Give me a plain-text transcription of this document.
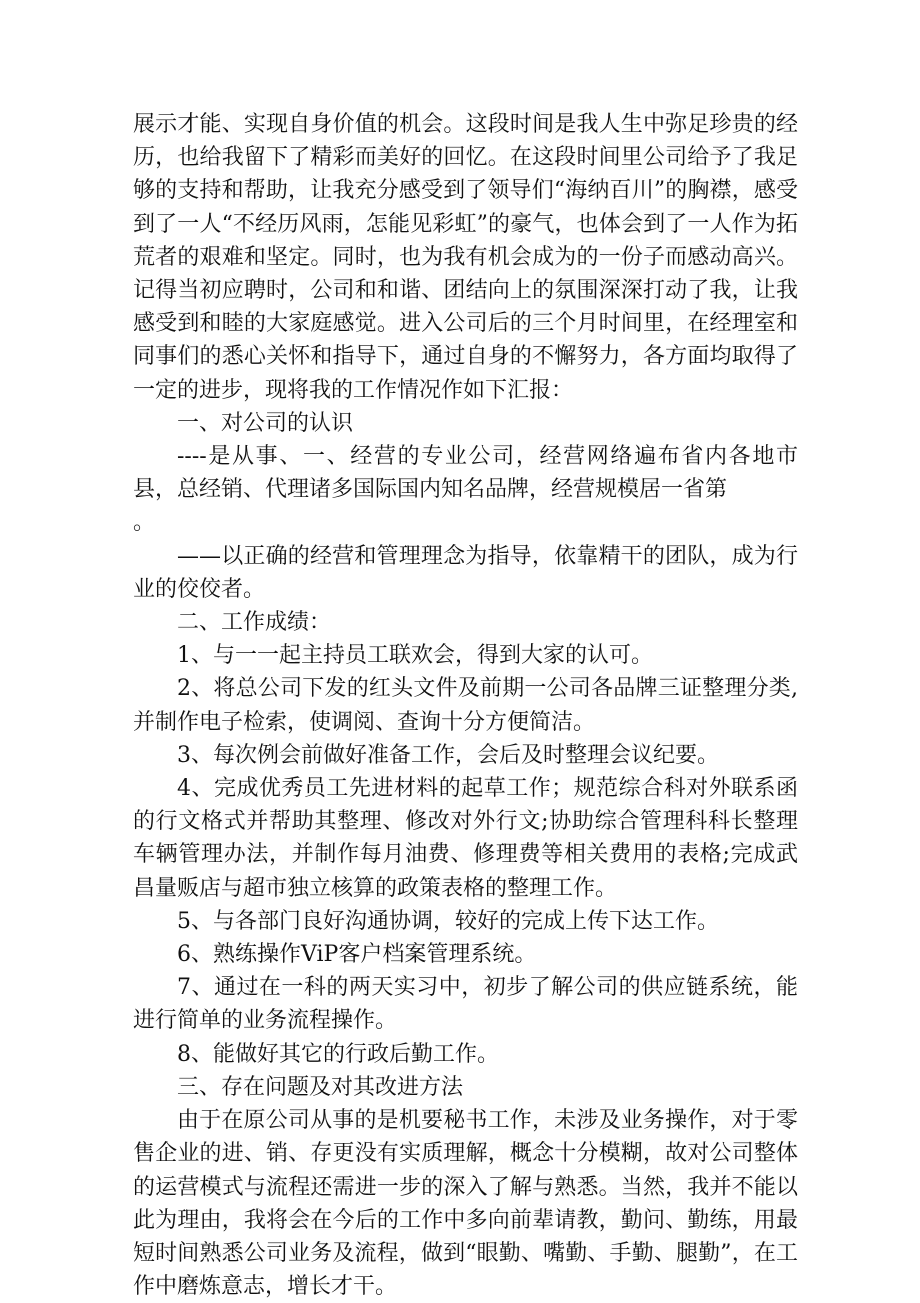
展示才能、实现自身价值的机会。这段时间是我人生中弥足珍贵的经历，也给我留下了精彩而美好的回忆。在这段时间里公司给予了我足够的支持和帮助，让我充分感受到了领导们“海纳百川”的胸襟，感受到了一人“不经历风雨，怎能见彩虹”的豪气，也体会到了一人作为拓荒者的艰难和坚定。同时，也为我有机会成为的一份子而感动高兴。记得当初应聘时，公司和和谐、团结向上的氛围深深打动了我，让我感受到和睦的大家庭感觉。进入公司后的三个月时间里，在经理室和同事们的悉心关怀和指导下，通过自身的不懈努力，各方面均取得了一定的进步，现将我的工作情况作如下汇报：

一、对公司的认识

----是从事、一、经营的专业公司，经营网络遍布省内各地市县，总经销、代理诸多国际国内知名品牌，经营规模居一省第

。

——以正确的经营和管理理念为指导，依靠精干的团队，成为行业的佼佼者。

二、工作成绩：

1、与一一起主持员工联欢会，得到大家的认可。

2、将总公司下发的红头文件及前期一公司各品牌三证整理分类,并制作电子检索，使调阅、查询十分方便简洁。

3、每次例会前做好准备工作，会后及时整理会议纪要。

4、完成优秀员工先进材料的起草工作；规范综合科对外联系函的行文格式并帮助其整理、修改对外行文;协助综合管理科科长整理车辆管理办法，并制作每月油费、修理费等相关费用的表格;完成武昌量贩店与超市独立核算的政策表格的整理工作。

5、与各部门良好沟通协调，较好的完成上传下达工作。

6、熟练操作ViP客户档案管理系统。

7、通过在一科的两天实习中，初步了解公司的供应链系统，能进行简单的业务流程操作。

8、能做好其它的行政后勤工作。

三、存在问题及对其改进方法

由于在原公司从事的是机要秘书工作，未涉及业务操作，对于零售企业的进、销、存更没有实质理解，概念十分模糊，故对公司整体的运营模式与流程还需进一步的深入了解与熟悉。当然，我并不能以此为理由，我将会在今后的工作中多向前辈请教，勤问、勤练，用最短时间熟悉公司业务及流程，做到“眼勤、嘴勤、手勤、腿勤”，在工作中磨炼意志，增长才干。
